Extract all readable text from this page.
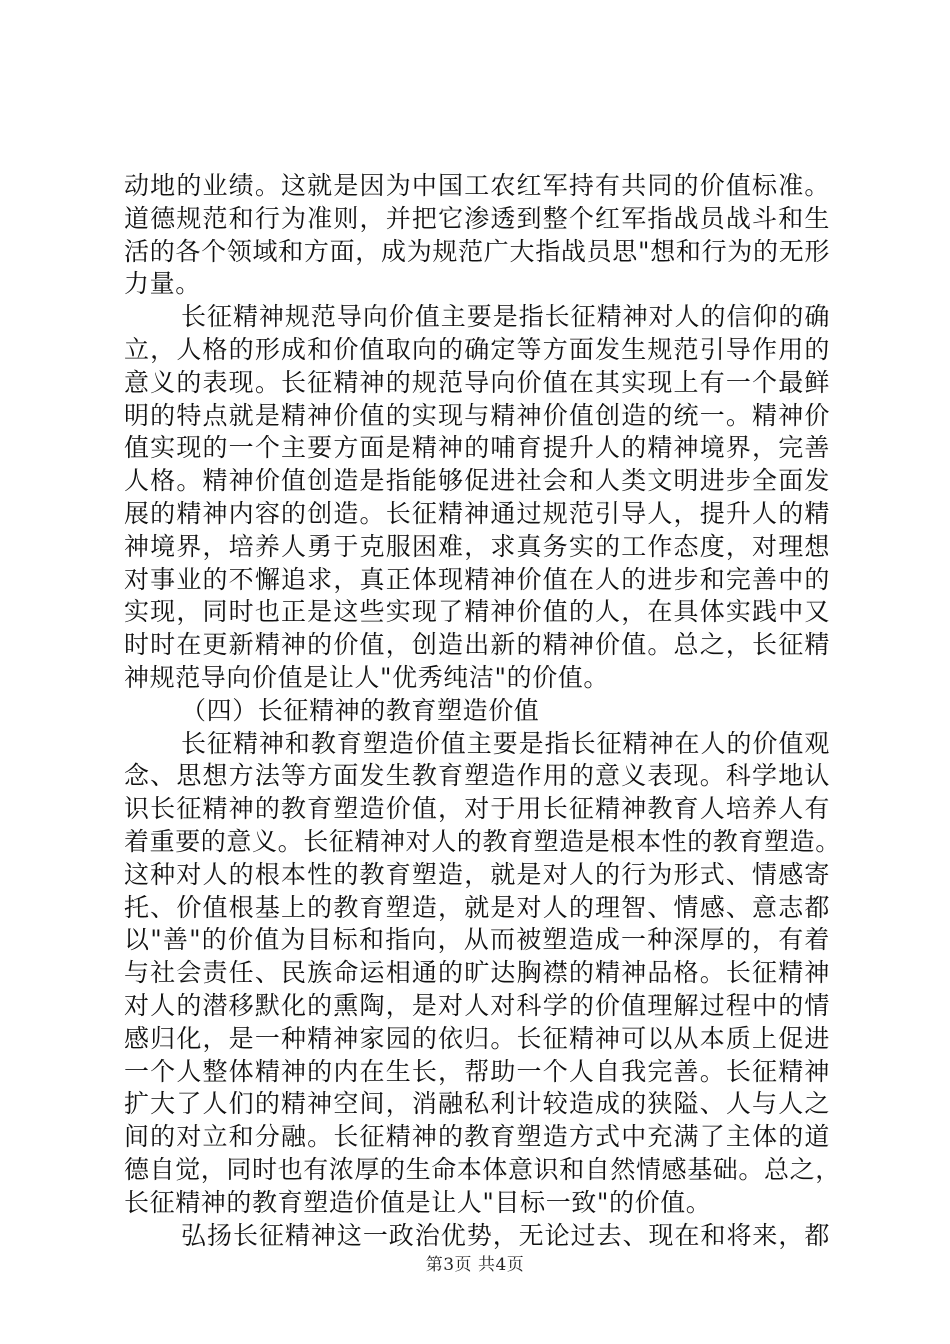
动地的业绩。这就是因为中国工农红军持有共同的价值标准。
道德规范和行为准则，并把它渗透到整个红军指战员战斗和生
活的各个领域和方面，成为规范广大指战员思"想和行为的无形
力量。
长征精神规范导向价值主要是指长征精神对人的信仰的确
立，人格的形成和价值取向的确定等方面发生规范引导作用的
意义的表现。长征精神的规范导向价值在其实现上有一个最鲜
明的特点就是精神价值的实现与精神价值创造的统一。精神价
值实现的一个主要方面是精神的哺育提升人的精神境界，完善
人格。精神价值创造是指能够促进社会和人类文明进步全面发
展的精神内容的创造。长征精神通过规范引导人，提升人的精
神境界，培养人勇于克服困难，求真务实的工作态度，对理想
对事业的不懈追求，真正体现精神价值在人的进步和完善中的
实现，同时也正是这些实现了精神价值的人，在具体实践中又
时时在更新精神的价值，创造出新的精神价值。总之，长征精
神规范导向价值是让人"优秀纯洁"的价值。
（四）长征精神的教育塑造价值
长征精神和教育塑造价值主要是指长征精神在人的价值观
念、思想方法等方面发生教育塑造作用的意义表现。科学地认
识长征精神的教育塑造价值，对于用长征精神教育人培养人有
着重要的意义。长征精神对人的教育塑造是根本性的教育塑造。
这种对人的根本性的教育塑造，就是对人的行为形式、情感寄
托、价值根基上的教育塑造，就是对人的理智、情感、意志都
以"善"的价值为目标和指向，从而被塑造成一种深厚的，有着
与社会责任、民族命运相通的旷达胸襟的精神品格。长征精神
对人的潜移默化的熏陶，是对人对科学的价值理解过程中的情
感归化，是一种精神家园的依归。长征精神可以从本质上促进
一个人整体精神的内在生长，帮助一个人自我完善。长征精神
扩大了人们的精神空间，消融私利计较造成的狭隘、人与人之
间的对立和分融。长征精神的教育塑造方式中充满了主体的道
德自觉，同时也有浓厚的生命本体意识和自然情感基础。总之，
长征精神的教育塑造价值是让人"目标一致"的价值。
弘扬长征精神这一政治优势，无论过去、现在和将来，都
第3页 共4页
